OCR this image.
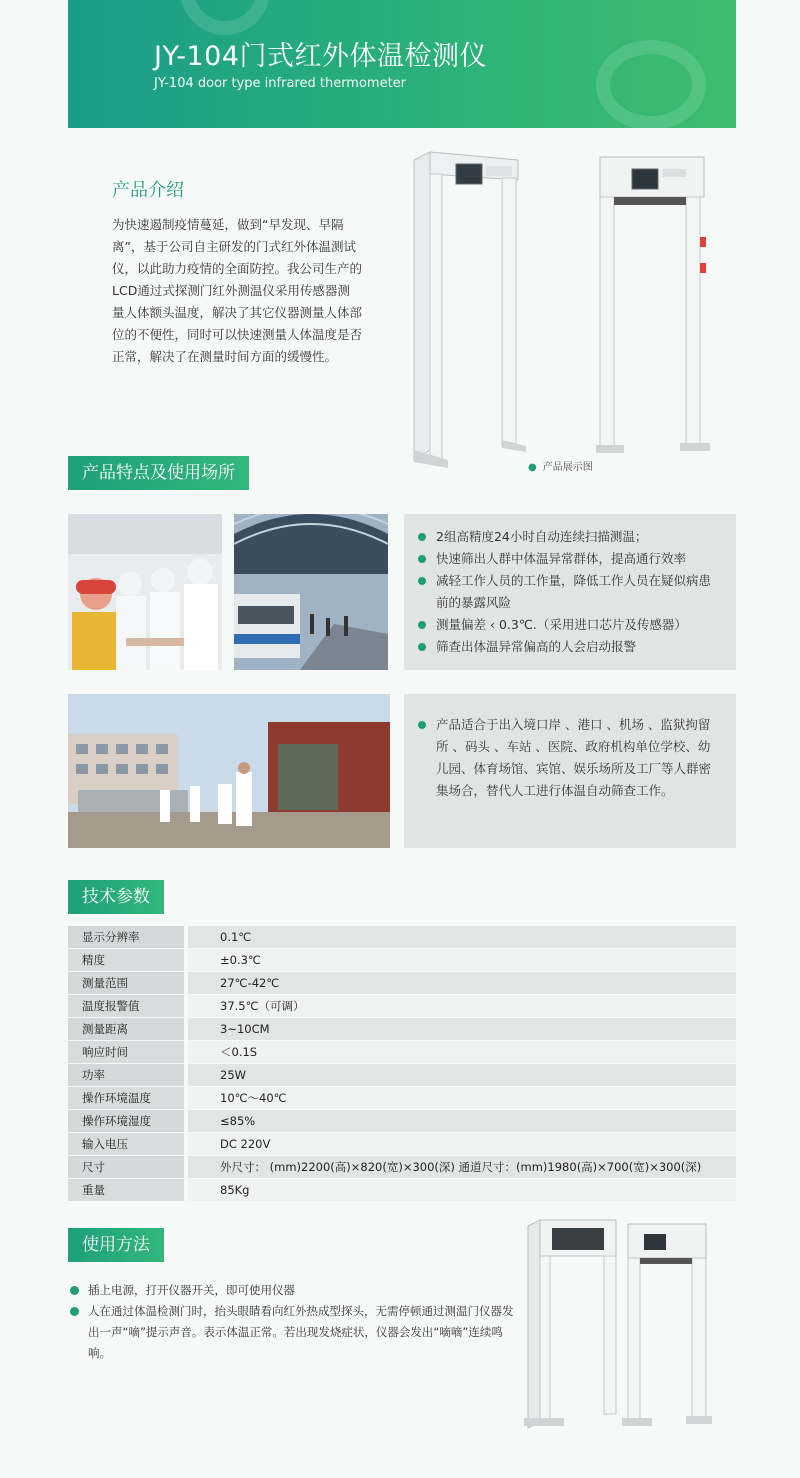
JY-104门式红外体温检测仪
JY-104 door type infrared thermometer
产品介绍
为快速遏制疫情蔓延，做到“早发现、早隔离”，基于公司自主研发的门式红外体温测试仪，以此助力疫情的全面防控。我公司生产的LCD通过式探测门红外测温仪采用传感器测量人体额头温度，解决了其它仪器测量人体部位的不便性，同时可以快速测量人体温度是否正常，解决了在测量时间方面的缓慢性。
● 产品展示图
产品特点及使用场所
2组高精度24小时自动连续扫描测温；
快速筛出人群中体温异常群体，提高通行效率
减轻工作人员的工作量，降低工作人员在疑似病患前的暴露风险
测量偏差 ‹ 0.3℃.（采用进口芯片及传感器）
筛查出体温异常偏高的人会启动报警
产品适合于出入境口岸 、港口 、机场 、监狱拘留所 、码头 、车站 、医院、政府机构单位学校、幼儿园、体育场馆、宾馆、娱乐场所及工厂等人群密集场合，替代人工进行体温自动筛查工作。
技术参数
显示分辨率	0.1℃
精度	±0.3℃
测量范围	27℃-42℃
温度报警值	37.5℃（可调）
测量距离	3~10CM
响应时间	＜0.1S
功率	25W
操作环境温度	10℃～40℃
操作环境湿度	≤85%
输入电压	DC 220V
尺寸	外尺寸： (mm)2200(高)×820(宽)×300(深) 通道尺寸：(mm)1980(高)×700(宽)×300(深)
重量	85Kg
使用方法
插上电源，打开仪器开关，即可使用仪器
人在通过体温检测门时，抬头眼睛看向红外热成型探头，无需停顿通过测温门仪器发出一声“嘀”提示声音。表示体温正常。若出现发烧症状，仪器会发出“嘀嘀”连续鸣响。
